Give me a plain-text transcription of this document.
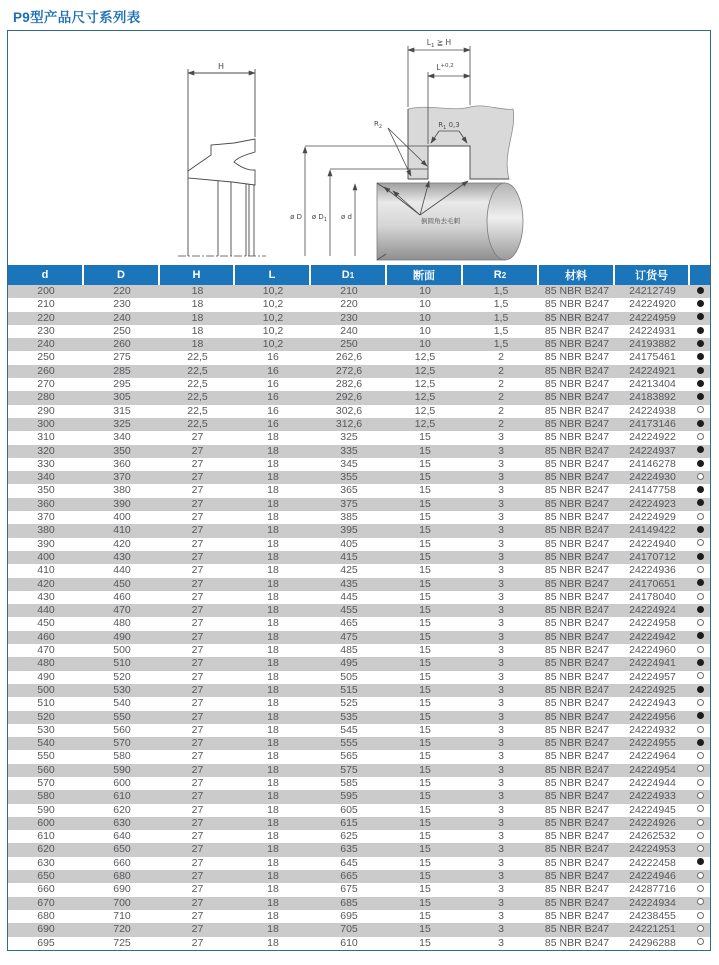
P9型产品尺寸系列表
H
$L_1$ ≧ H
$L^{+0,2}$
$R_1$ 0,3
$R_2$
ø D ø $D_1$ ø d	倒圆角去毛刺
d	D	H	L	D 1	断面	R 2	材料	订货号
200	220	18	10,2	210	10	1,5	85 NBR B247	24212749
210	230	18	10,2	220	10	1,5	85 NBR B247	24224920
220	240	18	10,2	230	10	1,5	85 NBR B247	24224959
230	250	18	10,2	240	10	1,5	85 NBR B247	24224931
240	260	18	10,2	250	10	1,5	85 NBR B247	24193882
250	275	22,5	16	262,6	12,5	2	85 NBR B247	24175461
260	285	22,5	16	272,6	12,5	2	85 NBR B247	24224921
270	295	22,5	16	282,6	12,5	2	85 NBR B247	24213404
280	305	22,5	16	292,6	12,5	2	85 NBR B247	24183892
290	315	22,5	16	302,6	12,5	2	85 NBR B247	24224938
300	325	22,5	16	312,6	12,5	2	85 NBR B247	24173146
310	340	27	18	325	15	3	85 NBR B247	24224922
320	350	27	18	335	15	3	85 NBR B247	24224937
330	360	27	18	345	15	3	85 NBR B247	24146278
340	370	27	18	355	15	3	85 NBR B247	24224930
350	380	27	18	365	15	3	85 NBR B247	24147758
360	390	27	18	375	15	3	85 NBR B247	24224923
370	400	27	18	385	15	3	85 NBR B247	24224929
380	410	27	18	395	15	3	85 NBR B247	24149422
390	420	27	18	405	15	3	85 NBR B247	24224940
400	430	27	18	415	15	3	85 NBR B247	24170712
410	440	27	18	425	15	3	85 NBR B247	24224936
420	450	27	18	435	15	3	85 NBR B247	24170651
430	460	27	18	445	15	3	85 NBR B247	24178040
440	470	27	18	455	15	3	85 NBR B247	24224924
450	480	27	18	465	15	3	85 NBR B247	24224958
460	490	27	18	475	15	3	85 NBR B247	24224942
470	500	27	18	485	15	3	85 NBR B247	24224960
480	510	27	18	495	15	3	85 NBR B247	24224941
490	520	27	18	505	15	3	85 NBR B247	24224957
500	530	27	18	515	15	3	85 NBR B247	24224925
510	540	27	18	525	15	3	85 NBR B247	24224943
520	550	27	18	535	15	3	85 NBR B247	24224956
530	560	27	18	545	15	3	85 NBR B247	24224932
540	570	27	18	555	15	3	85 NBR B247	24224955
550	580	27	18	565	15	3	85 NBR B247	24224964
560	590	27	18	575	15	3	85 NBR B247	24224954
570	600	27	18	585	15	3	85 NBR B247	24224944
580	610	27	18	595	15	3	85 NBR B247	24224933
590	620	27	18	605	15	3	85 NBR B247	24224945
600	630	27	18	615	15	3	85 NBR B247	24224926
610	640	27	18	625	15	3	85 NBR B247	24262532
620	650	27	18	635	15	3	85 NBR B247	24224953
630	660	27	18	645	15	3	85 NBR B247	24222458
650	680	27	18	665	15	3	85 NBR B247	24224946
660	690	27	18	675	15	3	85 NBR B247	24287716
670	700	27	18	685	15	3	85 NBR B247	24224934
680	710	27	18	695	15	3	85 NBR B247	24238455
690	720	27	18	705	15	3	85 NBR B247	24221251
695	725	27	18	610	15	3	85 NBR B247	24296288
